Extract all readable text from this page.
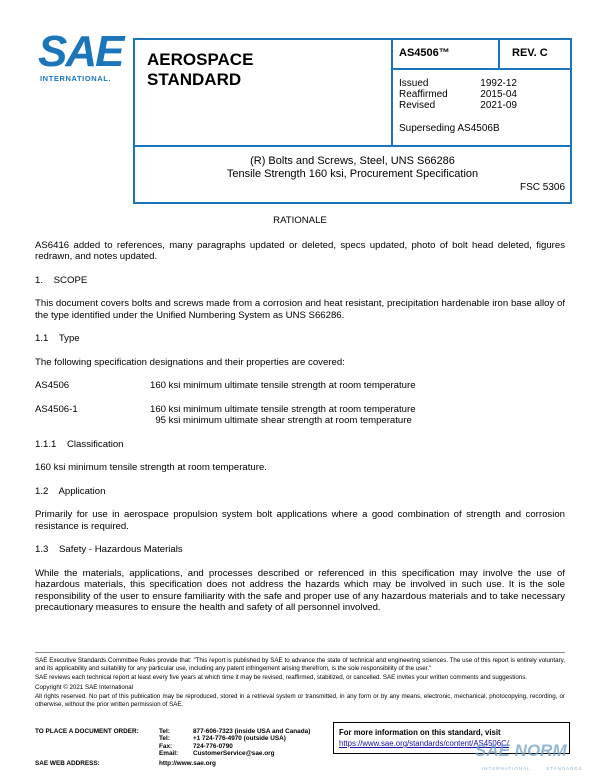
SAE
INTERNATIONAL.
AEROSPACE
STANDARD
AS4506™	REV. C
Issued	1992-12
Reaffirmed	2015-04
Revised	2021-09
Superseding AS4506B
(R) Bolts and Screws, Steel, UNS S66286
Tensile Strength 160 ksi, Procurement Specification
FSC 5306

RATIONALE

AS6416 added to references, many paragraphs updated or deleted, specs updated, photo of bolt head deleted, figures redrawn, and notes updated.

1.    SCOPE

This document covers bolts and screws made from a corrosion and heat resistant, precipitation hardenable iron base alloy of the type identified under the Unified Numbering System as UNS S66286.

1.1    Type

The following specification designations and their properties are covered:

AS4506	160 ksi minimum ultimate tensile strength at room temperature
AS4506-1	160 ksi minimum ultimate tensile strength at room temperature
95 ksi minimum ultimate shear strength at room temperature

1.1.1    Classification

160 ksi minimum tensile strength at room temperature.

1.2    Application

Primarily for use in aerospace propulsion system bolt applications where a good combination of strength and corrosion resistance is required.

1.3    Safety - Hazardous Materials

While the materials, applications, and processes described or referenced in this specification may involve the use of hazardous materials, this specification does not address the hazards which may be involved in such use. It is the sole responsibility of the user to ensure familiarity with the safe and proper use of any hazardous materials and to take necessary precautionary measures to ensure the health and safety of all personnel involved.

SAE Executive Standards Committee Rules provide that: "This report is published by SAE to advance the state of technical and engineering sciences. The use of this report is entirely voluntary, and its applicability and suitability for any particular use, including any patent infringement arising therefrom, is the sole responsibility of the user."

SAE reviews each technical report at least every five years at which time it may be revised, reaffirmed, stabilized, or cancelled. SAE invites your written comments and suggestions.

Copyright © 2021 SAE International

All rights reserved. No part of this publication may be reproduced, stored in a retrieval system or transmitted, in any form or by any means, electronic, mechanical, photocopying, recording, or otherwise, without the prior written permission of SAE.

TO PLACE A DOCUMENT ORDER:	Tel:	877-606-7323 (inside USA and Canada)
Tel:	+1 724-776-4970 (outside USA)
Fax:	724-776-0790
Email:	CustomerService@sae.org
SAE WEB ADDRESS:	http://www.sae.org
For more information on this standard, visit
https://www.sae.org/standards/content/AS4506C/
SAE NORM
INTERNATIONAL       STANDARDS
